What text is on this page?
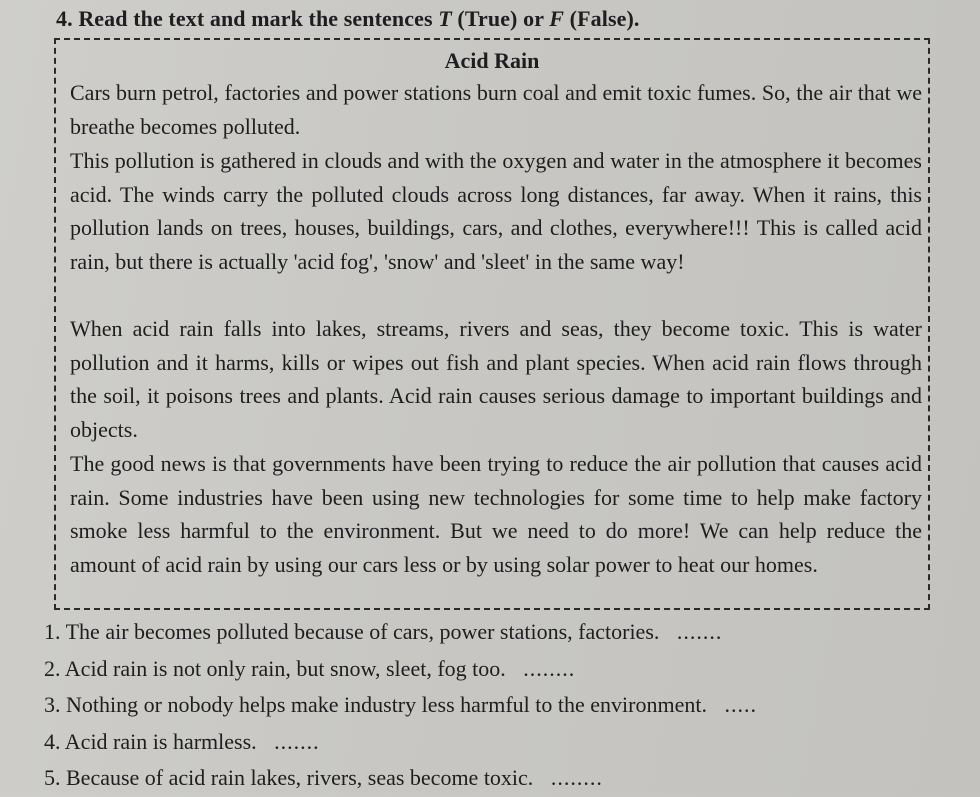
4. Read the text and mark the sentences T (True) or F (False).
Acid Rain
Cars burn petrol, factories and power stations burn coal and emit toxic fumes. So, the air that we breathe becomes polluted.
This pollution is gathered in clouds and with the oxygen and water in the atmosphere it becomes acid. The winds carry the polluted clouds across long distances, far away. When it rains, this pollution lands on trees, houses, buildings, cars, and clothes, everywhere!!! This is called acid rain, but there is actually 'acid fog', 'snow' and 'sleet' in the same way!
When acid rain falls into lakes, streams, rivers and seas, they become toxic. This is water pollution and it harms, kills or wipes out fish and plant species. When acid rain flows through the soil, it poisons trees and plants. Acid rain causes serious damage to important buildings and objects.
The good news is that governments have been trying to reduce the air pollution that causes acid rain. Some industries have been using new technologies for some time to help make factory smoke less harmful to the environment. But we need to do more! We can help reduce the amount of acid rain by using our cars less or by using solar power to heat our homes.
1. The air becomes polluted because of cars, power stations, factories. .......
2. Acid rain is not only rain, but snow, sleet, fog too. ........
3. Nothing or nobody helps make industry less harmful to the environment. .....
4. Acid rain is harmless. .......
5. Because of acid rain lakes, rivers, seas become toxic. ........
